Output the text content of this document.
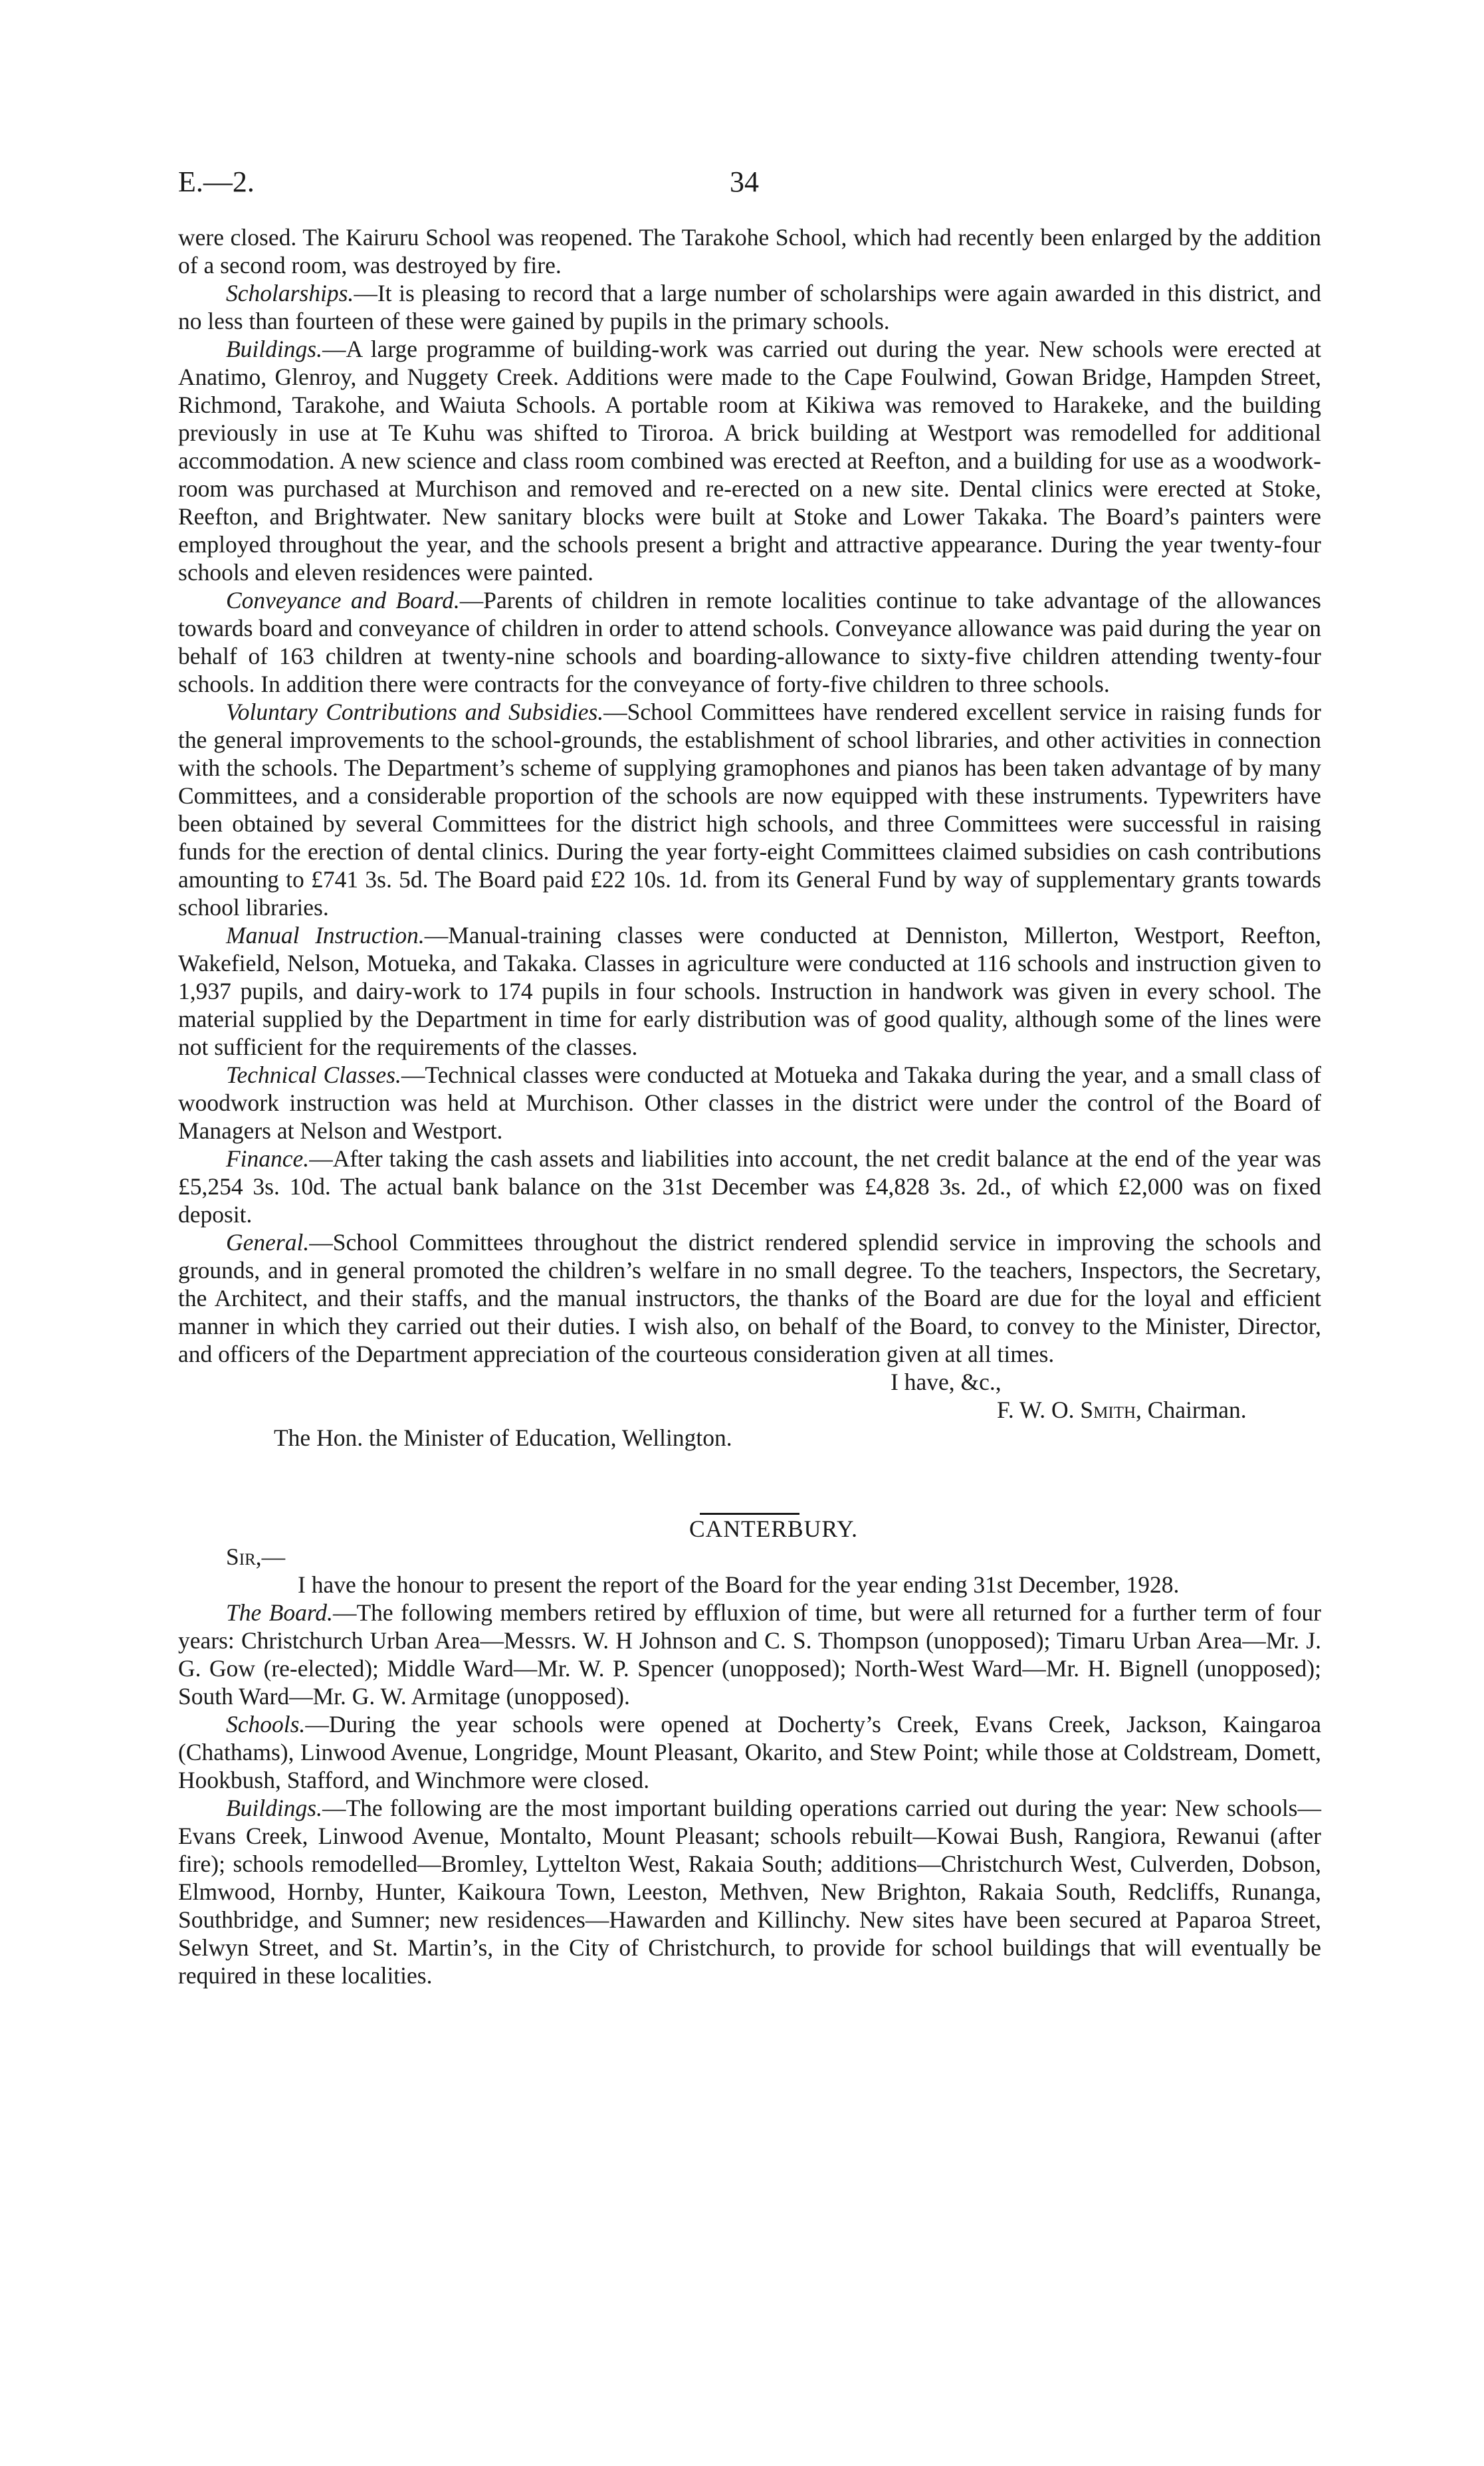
E.—2.	34

were closed. The Kairuru School was reopened. The Tarakohe School, which had recently been enlarged by the addition of a second room, was destroyed by fire.

Scholarships.—It is pleasing to record that a large number of scholarships were again awarded in this district, and no less than fourteen of these were gained by pupils in the primary schools.

Buildings.—A large programme of building-work was carried out during the year. New schools were erected at Anatimo, Glenroy, and Nuggety Creek. Additions were made to the Cape Foulwind, Gowan Bridge, Hampden Street, Richmond, Tarakohe, and Waiuta Schools. A portable room at Kikiwa was removed to Harakeke, and the building previously in use at Te Kuhu was shifted to Tiroroa. A brick building at Westport was remodelled for additional accommodation. A new science and class room combined was erected at Reefton, and a building for use as a woodwork-room was purchased at Murchison and removed and re-erected on a new site. Dental clinics were erected at Stoke, Reefton, and Brightwater. New sanitary blocks were built at Stoke and Lower Takaka. The Board’s painters were employed throughout the year, and the schools present a bright and attractive appearance. During the year twenty-four schools and eleven residences were painted.

Conveyance and Board.—Parents of children in remote localities continue to take advantage of the allowances towards board and conveyance of children in order to attend schools. Conveyance allowance was paid during the year on behalf of 163 children at twenty-nine schools and boarding-allowance to sixty-five children attending twenty-four schools. In addition there were contracts for the conveyance of forty-five children to three schools.

Voluntary Contributions and Subsidies.—School Committees have rendered excellent service in raising funds for the general improvements to the school-grounds, the establishment of school libraries, and other activities in connection with the schools. The Department’s scheme of supplying gramophones and pianos has been taken advantage of by many Committees, and a considerable proportion of the schools are now equipped with these instruments. Typewriters have been obtained by several Committees for the district high schools, and three Committees were successful in raising funds for the erection of dental clinics. During the year forty-eight Committees claimed subsidies on cash contributions amounting to £741 3s. 5d. The Board paid £22 10s. 1d. from its General Fund by way of supplementary grants towards school libraries.

Manual Instruction.—Manual-training classes were conducted at Denniston, Millerton, Westport, Reefton, Wakefield, Nelson, Motueka, and Takaka. Classes in agriculture were conducted at 116 schools and instruction given to 1,937 pupils, and dairy-work to 174 pupils in four schools. Instruction in handwork was given in every school. The material supplied by the Department in time for early distribution was of good quality, although some of the lines were not sufficient for the requirements of the classes.

Technical Classes.—Technical classes were conducted at Motueka and Takaka during the year, and a small class of woodwork instruction was held at Murchison. Other classes in the district were under the control of the Board of Managers at Nelson and Westport.

Finance.—After taking the cash assets and liabilities into account, the net credit balance at the end of the year was £5,254 3s. 10d. The actual bank balance on the 31st December was £4,828 3s. 2d., of which £2,000 was on fixed deposit.

General.—School Committees throughout the district rendered splendid service in improving the schools and grounds, and in general promoted the children’s welfare in no small degree. To the teachers, Inspectors, the Secretary, the Architect, and their staffs, and the manual instructors, the thanks of the Board are due for the loyal and efficient manner in which they carried out their duties. I wish also, on behalf of the Board, to convey to the Minister, Director, and officers of the Department appreciation of the courteous consideration given at all times.

I have, &c.,

F. W. O. Smith, Chairman.

The Hon. the Minister of Education, Wellington.

CANTERBURY.

Sir,—

I have the honour to present the report of the Board for the year ending 31st December, 1928.

The Board.—The following members retired by effluxion of time, but were all returned for a further term of four years: Christchurch Urban Area—Messrs. W. H Johnson and C. S. Thompson (unopposed); Timaru Urban Area—Mr. J. G. Gow (re-elected); Middle Ward—Mr. W. P. Spencer (unopposed); North-West Ward—Mr. H. Bignell (unopposed); South Ward—Mr. G. W. Armitage (unopposed).

Schools.—During the year schools were opened at Docherty’s Creek, Evans Creek, Jackson, Kaingaroa (Chathams), Linwood Avenue, Longridge, Mount Pleasant, Okarito, and Stew Point; while those at Coldstream, Domett, Hookbush, Stafford, and Winchmore were closed.

Buildings.—The following are the most important building operations carried out during the year: New schools—Evans Creek, Linwood Avenue, Montalto, Mount Pleasant; schools rebuilt—Kowai Bush, Rangiora, Rewanui (after fire); schools remodelled—Bromley, Lyttelton West, Rakaia South; additions—Christchurch West, Culverden, Dobson, Elmwood, Hornby, Hunter, Kaikoura Town, Leeston, Methven, New Brighton, Rakaia South, Redcliffs, Runanga, Southbridge, and Sumner; new residences—Hawarden and Killinchy. New sites have been secured at Paparoa Street, Selwyn Street, and St. Martin’s, in the City of Christchurch, to provide for school buildings that will eventually be required in these localities.
